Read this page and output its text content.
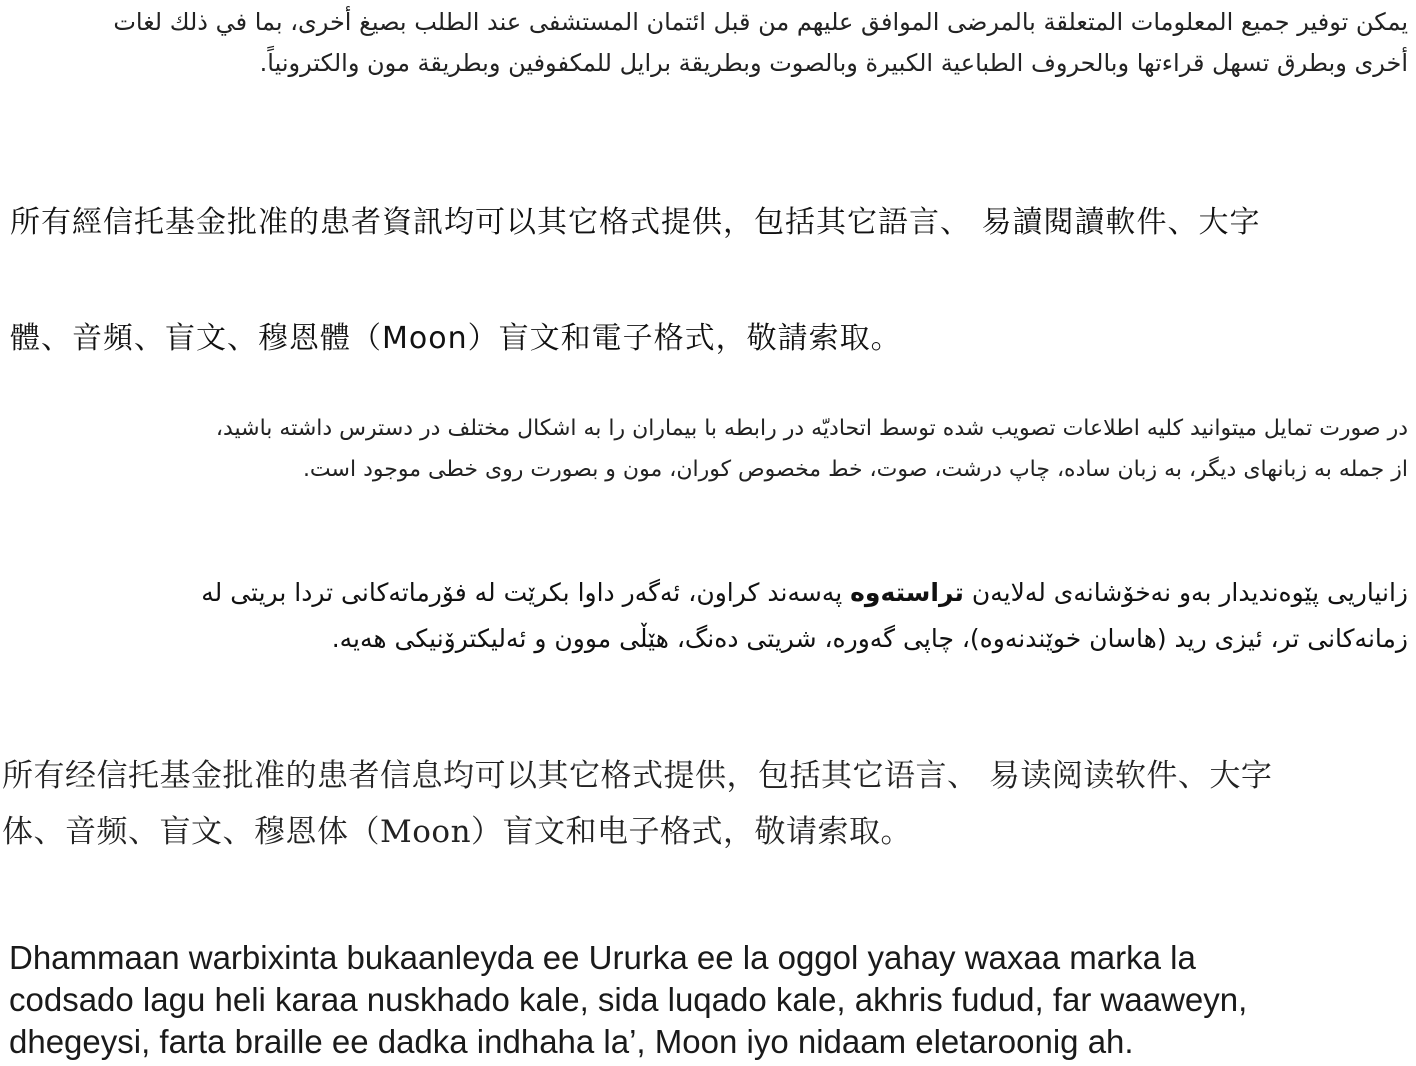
يمكن توفير جميع المعلومات المتعلقة بالمرضى الموافق عليهم من قبل ائتمان المستشفى عند الطلب بصيغ أخرى، بما في ذلك لغات
أخرى وبطرق تسهل قراءتها وبالحروف الطباعية الكبيرة وبالصوت وبطريقة برايل للمكفوفين وبطريقة مون والكترونياً.
所有經信托基金批准的患者資訊均可以其它格式提供，包括其它語言、 易讀閱讀軟件、大字
體、音頻、盲文、穆恩體（Moon）盲文和電子格式，敬請索取。
در صورت تمایل میتوانید کلیه اطلاعات تصویب شده توسط اتحادیّه در رابطه با بیماران را به اشکال مختلف در دسترس داشته باشید،
از جمله به زبانهای دیگر، به زبان ساده، چاپ درشت، صوت، خط مخصوص کوران، مون و بصورت روی خطی موجود است.
زانیاریی پێوەندیدار بەو نەخۆشانەی لەلایەن تراستەوە پەسەند کراون، ئەگەر داوا بکرێت لە فۆرماتەکانی تردا بریتی لە
زمانەکانی تر، ئیزی رید (هاسان خوێندنەوە)، چاپی گەورە، شریتی دەنگ، هێڵی موون و ئەلیکترۆنیکی هەیە.
所有经信托基金批准的患者信息均可以其它格式提供，包括其它语言、 易读阅读软件、大字
体、音频、盲文、穆恩体（Moon）盲文和电子格式，敬请索取。
Dhammaan warbixinta bukaanleyda ee Ururka ee la oggol yahay waxaa marka la
codsado lagu heli karaa nuskhado kale, sida luqado kale, akhris fudud, far waaweyn,
dhegeysi, farta braille ee dadka indhaha la’, Moon iyo nidaam eletaroonig ah.
